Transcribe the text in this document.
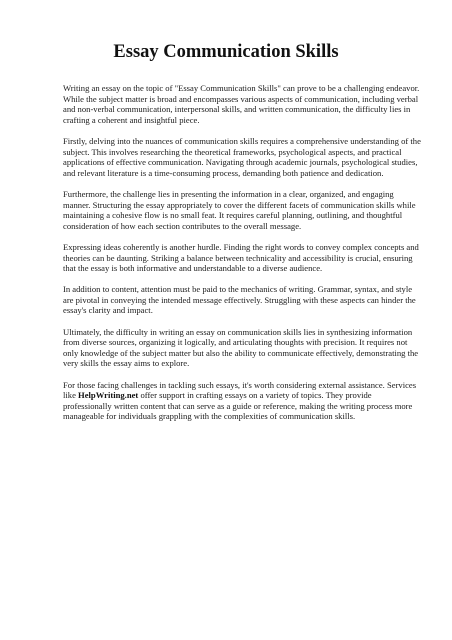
Essay Communication Skills

Writing an essay on the topic of "Essay Communication Skills" can prove to be a challenging endeavor. While the subject matter is broad and encompasses various aspects of communication, including verbal and non-verbal communication, interpersonal skills, and written communication, the difficulty lies in crafting a coherent and insightful piece.

Firstly, delving into the nuances of communication skills requires a comprehensive understanding of the subject. This involves researching the theoretical frameworks, psychological aspects, and practical applications of effective communication. Navigating through academic journals, psychological studies, and relevant literature is a time-consuming process, demanding both patience and dedication.

Furthermore, the challenge lies in presenting the information in a clear, organized, and engaging manner. Structuring the essay appropriately to cover the different facets of communication skills while maintaining a cohesive flow is no small feat. It requires careful planning, outlining, and thoughtful consideration of how each section contributes to the overall message.

Expressing ideas coherently is another hurdle. Finding the right words to convey complex concepts and theories can be daunting. Striking a balance between technicality and accessibility is crucial, ensuring that the essay is both informative and understandable to a diverse audience.

In addition to content, attention must be paid to the mechanics of writing. Grammar, syntax, and style are pivotal in conveying the intended message effectively. Struggling with these aspects can hinder the essay's clarity and impact.

Ultimately, the difficulty in writing an essay on communication skills lies in synthesizing information from diverse sources, organizing it logically, and articulating thoughts with precision. It requires not only knowledge of the subject matter but also the ability to communicate effectively, demonstrating the very skills the essay aims to explore.

For those facing challenges in tackling such essays, it's worth considering external assistance. Services like HelpWriting.net offer support in crafting essays on a variety of topics. They provide professionally written content that can serve as a guide or reference, making the writing process more manageable for individuals grappling with the complexities of communication skills.
